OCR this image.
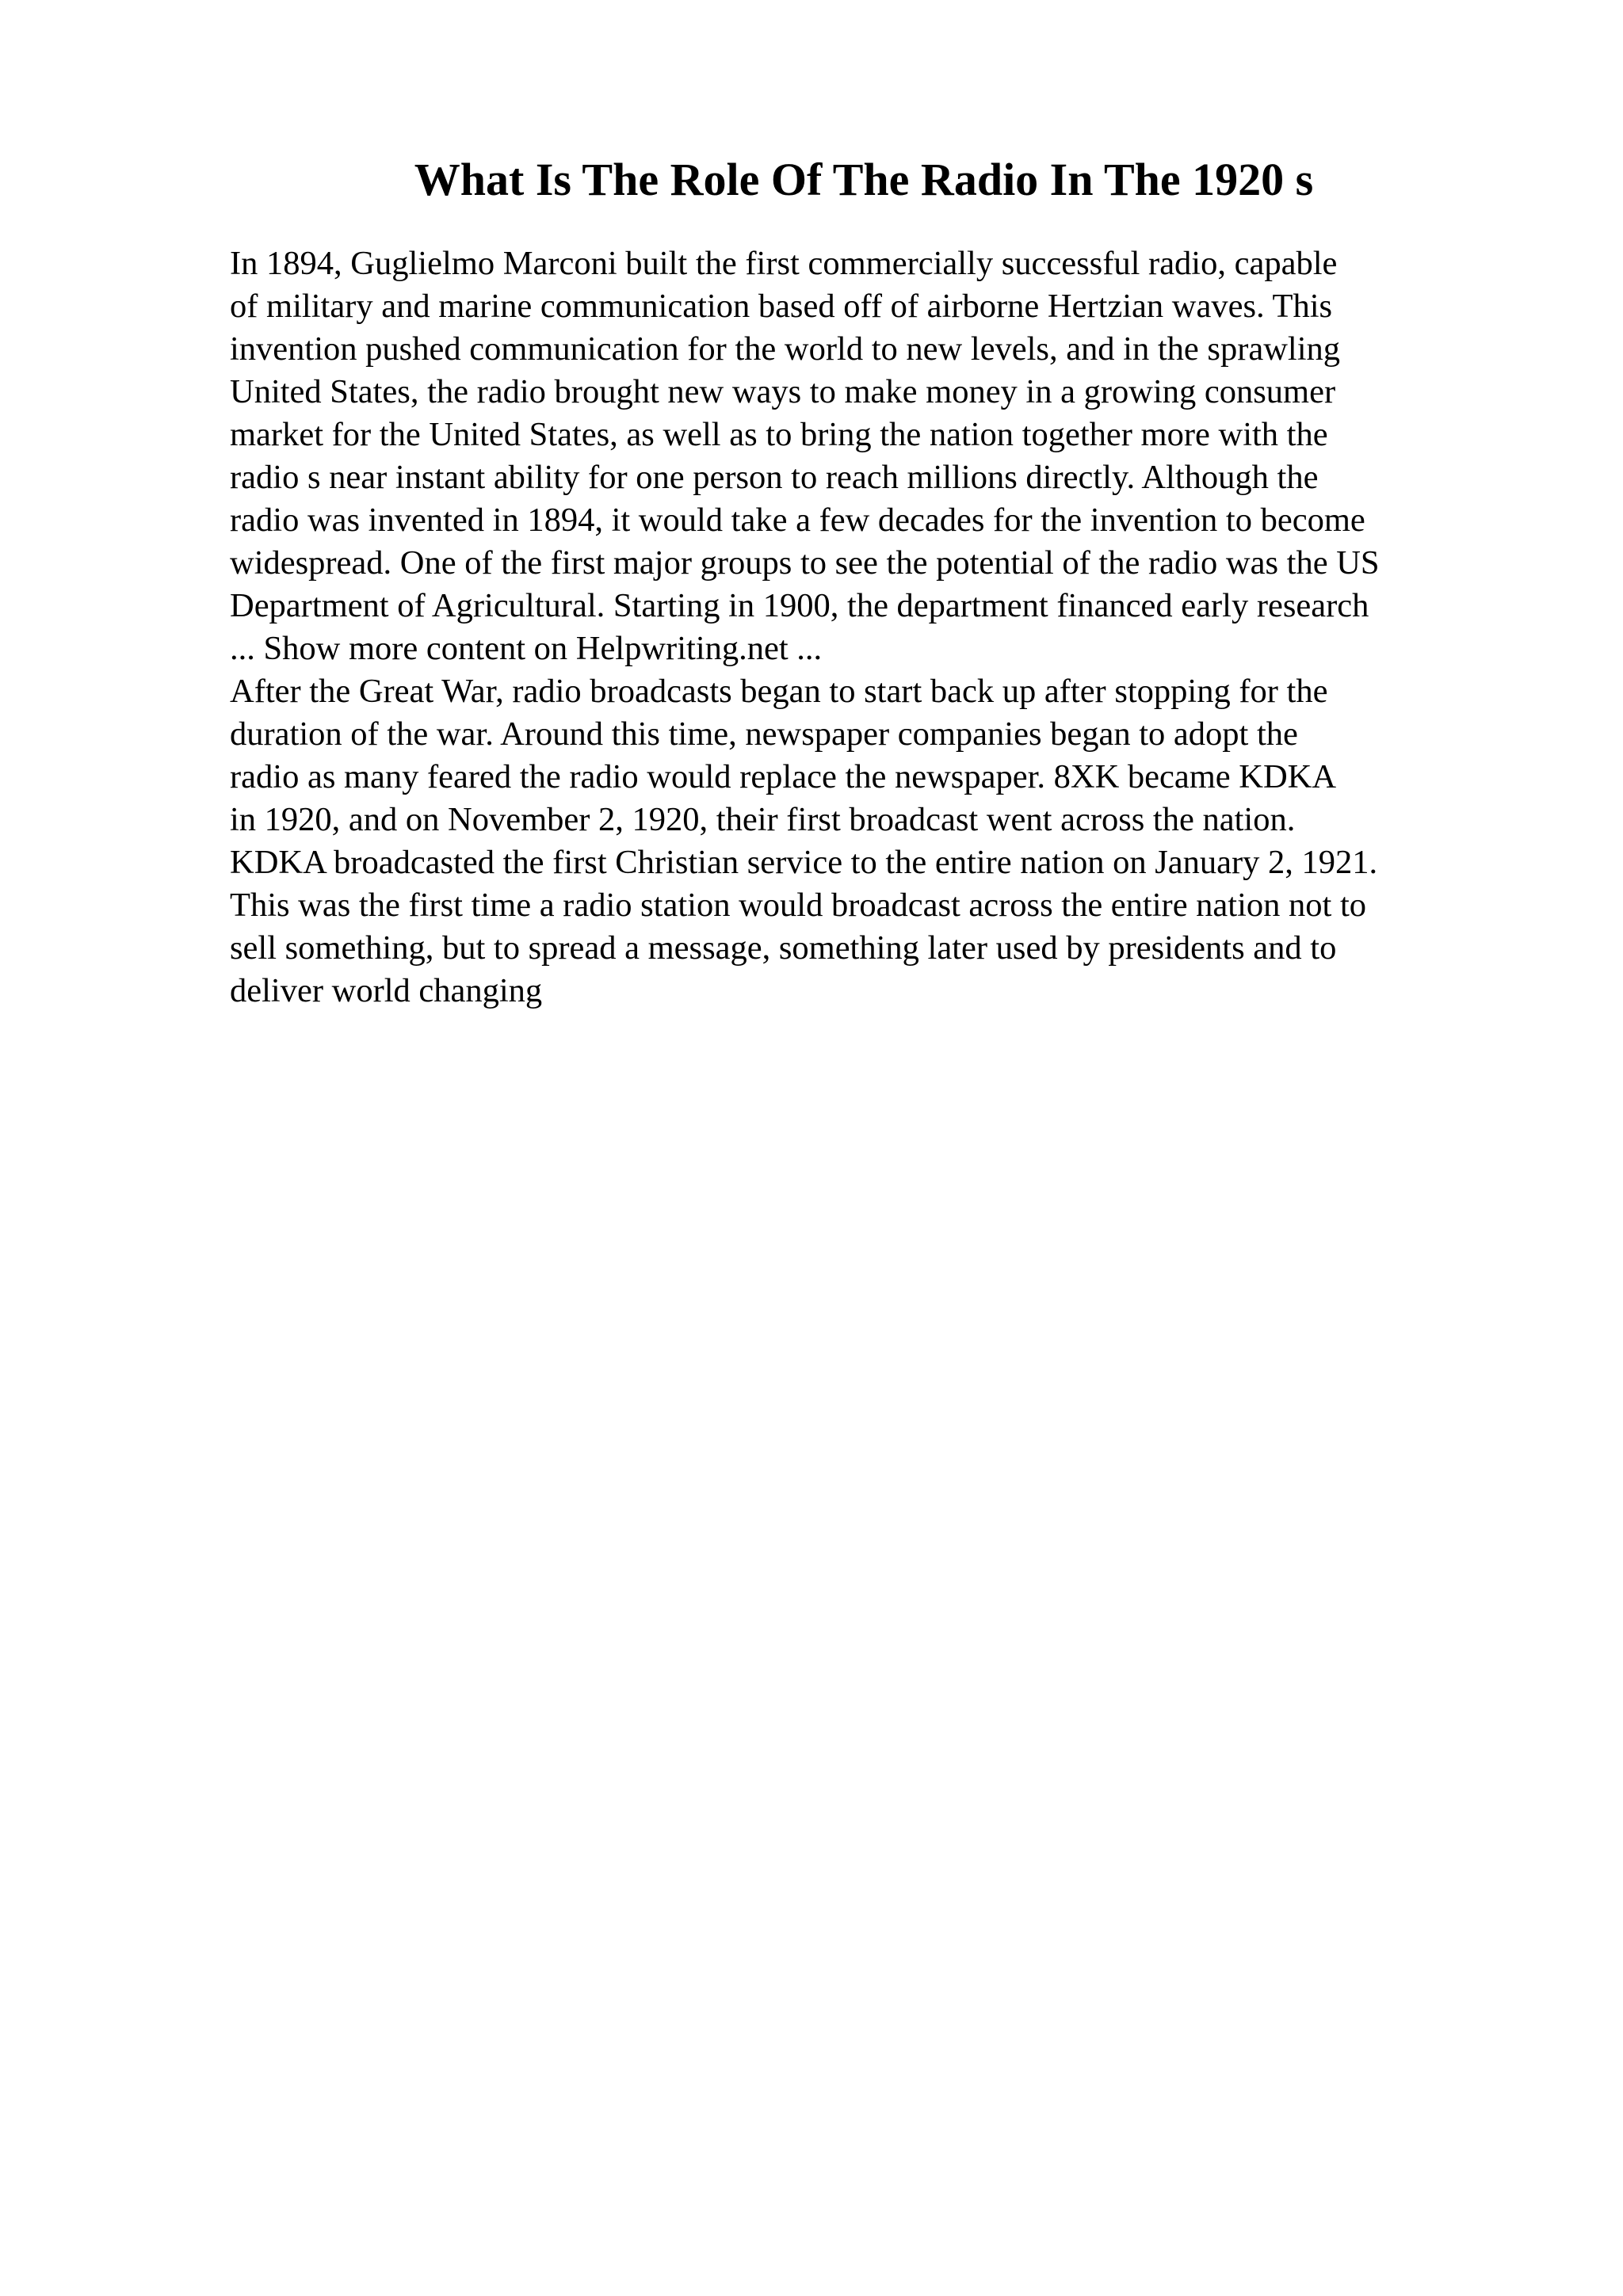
What Is The Role Of The Radio In The 1920 s
In 1894, Guglielmo Marconi built the first commercially successful radio, capable
of military and marine communication based off of airborne Hertzian waves. This
invention pushed communication for the world to new levels, and in the sprawling
United States, the radio brought new ways to make money in a growing consumer
market for the United States, as well as to bring the nation together more with the
radio s near instant ability for one person to reach millions directly. Although the
radio was invented in 1894, it would take a few decades for the invention to become
widespread. One of the first major groups to see the potential of the radio was the US
Department of Agricultural. Starting in 1900, the department financed early research
... Show more content on Helpwriting.net ...
After the Great War, radio broadcasts began to start back up after stopping for the
duration of the war. Around this time, newspaper companies began to adopt the
radio as many feared the radio would replace the newspaper. 8XK became KDKA
in 1920, and on November 2, 1920, their first broadcast went across the nation.
KDKA broadcasted the first Christian service to the entire nation on January 2, 1921.
This was the first time a radio station would broadcast across the entire nation not to
sell something, but to spread a message, something later used by presidents and to
deliver world changing
